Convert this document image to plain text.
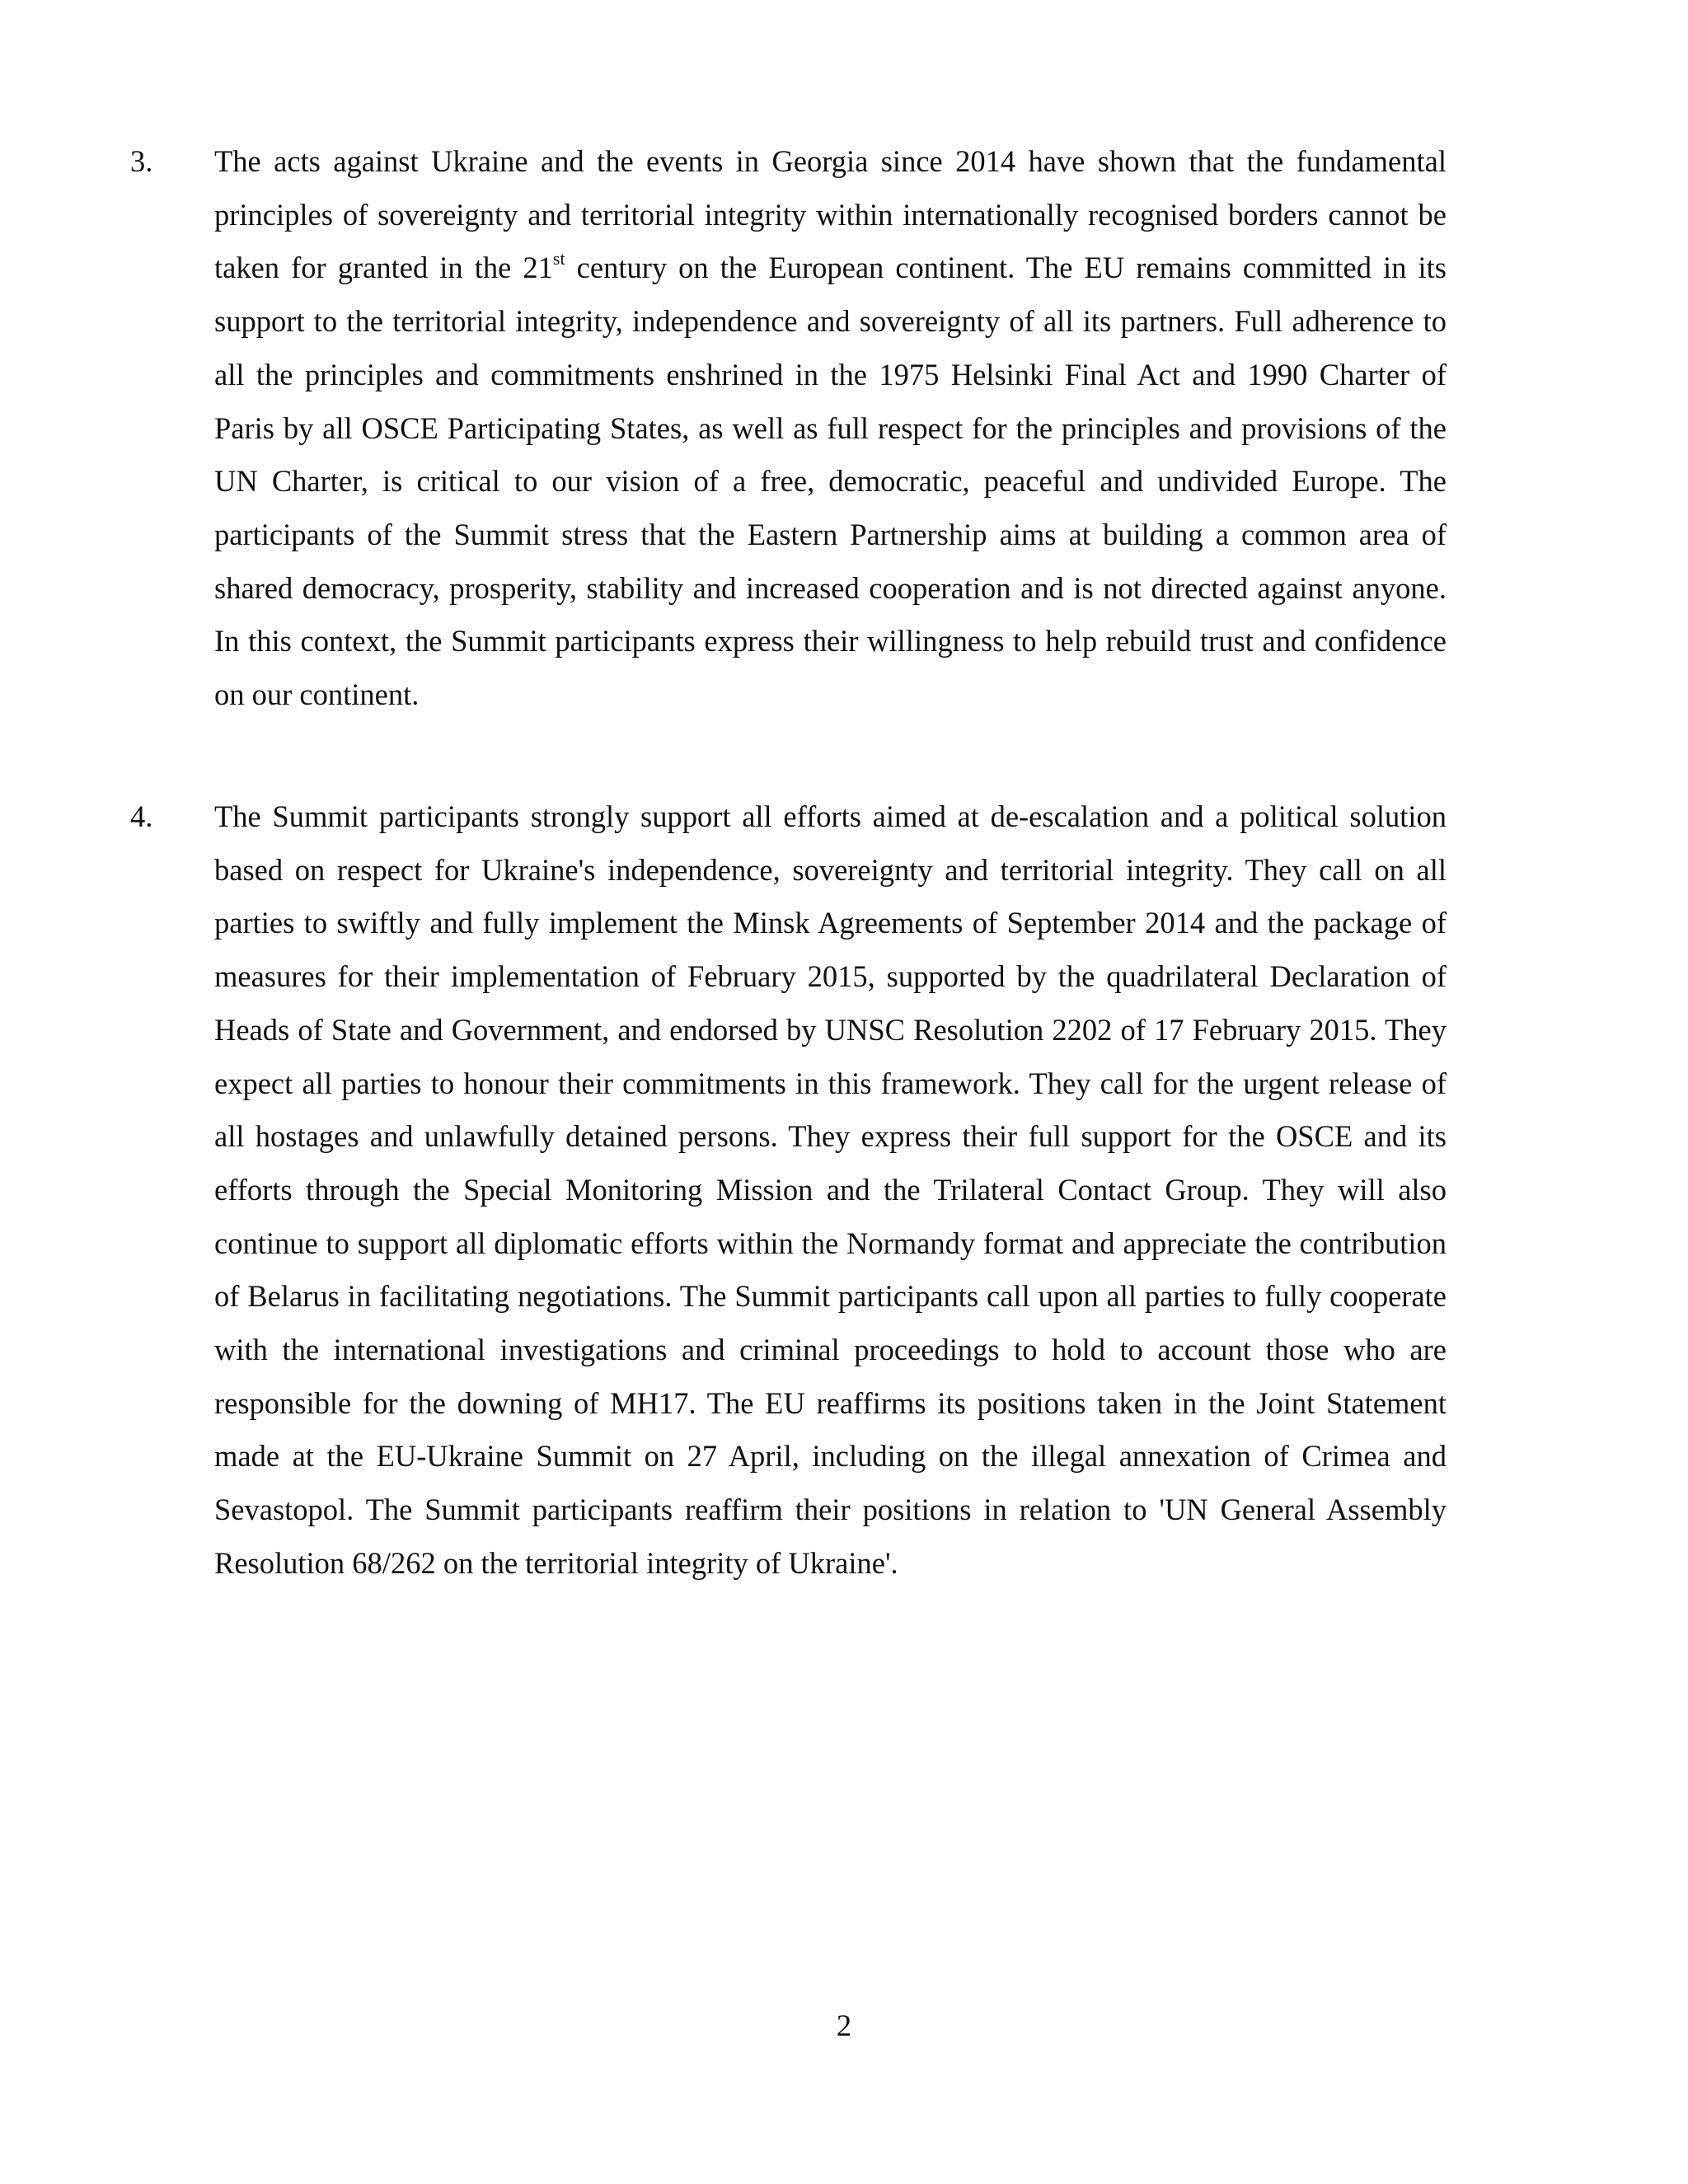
3. The acts against Ukraine and the events in Georgia since 2014 have shown that the fundamental principles of sovereignty and territorial integrity within internationally recognised borders cannot be taken for granted in the 21st century on the European continent. The EU remains committed in its support to the territorial integrity, independence and sovereignty of all its partners. Full adherence to all the principles and commitments enshrined in the 1975 Helsinki Final Act and 1990 Charter of Paris by all OSCE Participating States, as well as full respect for the principles and provisions of the UN Charter, is critical to our vision of a free, democratic, peaceful and undivided Europe. The participants of the Summit stress that the Eastern Partnership aims at building a common area of shared democracy, prosperity, stability and increased cooperation and is not directed against anyone. In this context, the Summit participants express their willingness to help rebuild trust and confidence on our continent.

4. The Summit participants strongly support all efforts aimed at de-escalation and a political solution based on respect for Ukraine's independence, sovereignty and territorial integrity. They call on all parties to swiftly and fully implement the Minsk Agreements of September 2014 and the package of measures for their implementation of February 2015, supported by the quadrilateral Declaration of Heads of State and Government, and endorsed by UNSC Resolution 2202 of 17 February 2015. They expect all parties to honour their commitments in this framework. They call for the urgent release of all hostages and unlawfully detained persons. They express their full support for the OSCE and its efforts through the Special Monitoring Mission and the Trilateral Contact Group. They will also continue to support all diplomatic efforts within the Normandy format and appreciate the contribution of Belarus in facilitating negotiations. The Summit participants call upon all parties to fully cooperate with the international investigations and criminal proceedings to hold to account those who are responsible for the downing of MH17. The EU reaffirms its positions taken in the Joint Statement made at the EU-Ukraine Summit on 27 April, including on the illegal annexation of Crimea and Sevastopol. The Summit participants reaffirm their positions in relation to 'UN General Assembly Resolution 68/262 on the territorial integrity of Ukraine'.

2
